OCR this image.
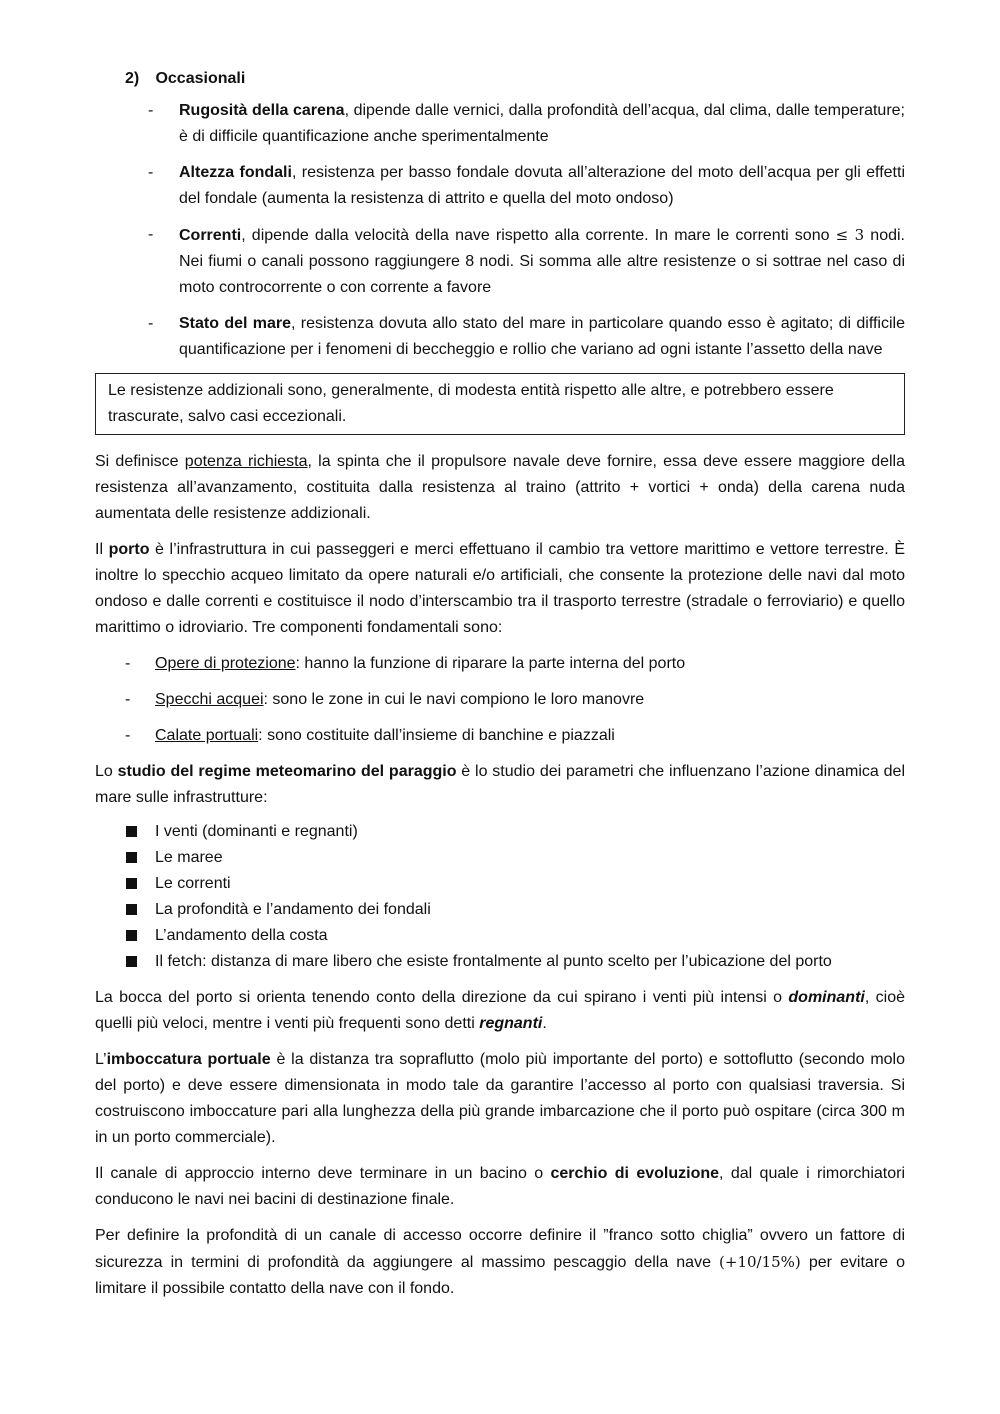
2) Occasionali
- Rugosità della carena, dipende dalle vernici, dalla profondità dell’acqua, dal clima, dalle temperature; è di difficile quantificazione anche sperimentalmente
- Altezza fondali, resistenza per basso fondale dovuta all’alterazione del moto dell’acqua per gli effetti del fondale (aumenta la resistenza di attrito e quella del moto ondoso)
- Correnti, dipende dalla velocità della nave rispetto alla corrente. In mare le correnti sono ≤ 3 nodi. Nei fiumi o canali possono raggiungere 8 nodi. Si somma alle altre resistenze o si sottrae nel caso di moto controcorrente o con corrente a favore
- Stato del mare, resistenza dovuta allo stato del mare in particolare quando esso è agitato; di difficile quantificazione per i fenomeni di beccheggio e rollio che variano ad ogni istante l’assetto della nave

Le resistenze addizionali sono, generalmente, di modesta entità rispetto alle altre, e potrebbero essere trascurate, salvo casi eccezionali.

Si definisce potenza richiesta, la spinta che il propulsore navale deve fornire, essa deve essere maggiore della resistenza all’avanzamento, costituita dalla resistenza al traino (attrito + vortici + onda) della carena nuda aumentata delle resistenze addizionali.

Il porto è l’infrastruttura in cui passeggeri e merci effettuano il cambio tra vettore marittimo e vettore terrestre. È inoltre lo specchio acqueo limitato da opere naturali e/o artificiali, che consente la protezione delle navi dal moto ondoso e dalle correnti e costituisce il nodo d’interscambio tra il trasporto terrestre (stradale o ferroviario) e quello marittimo o idroviario. Tre componenti fondamentali sono:

- Opere di protezione: hanno la funzione di riparare la parte interna del porto
- Specchi acquei: sono le zone in cui le navi compiono le loro manovre
- Calate portuali: sono costituite dall’insieme di banchine e piazzali

Lo studio del regime meteomarino del paraggio è lo studio dei parametri che influenzano l’azione dinamica del mare sulle infrastrutture:

I venti (dominanti e regnanti)
Le maree
Le correnti
La profondità e l’andamento dei fondali
L’andamento della costa
Il fetch: distanza di mare libero che esiste frontalmente al punto scelto per l’ubicazione del porto

La bocca del porto si orienta tenendo conto della direzione da cui spirano i venti più intensi o dominanti, cioè quelli più veloci, mentre i venti più frequenti sono detti regnanti.

L’imboccatura portuale è la distanza tra sopraflutto (molo più importante del porto) e sottoflutto (secondo molo del porto) e deve essere dimensionata in modo tale da garantire l’accesso al porto con qualsiasi traversia. Si costruiscono imboccature pari alla lunghezza della più grande imbarcazione che il porto può ospitare (circa 300 m in un porto commerciale).

Il canale di approccio interno deve terminare in un bacino o cerchio di evoluzione, dal quale i rimorchiatori conducono le navi nei bacini di destinazione finale.

Per definire la profondità di un canale di accesso occorre definire il ”franco sotto chiglia” ovvero un fattore di sicurezza in termini di profondità da aggiungere al massimo pescaggio della nave (+10/15%) per evitare o limitare il possibile contatto della nave con il fondo.
